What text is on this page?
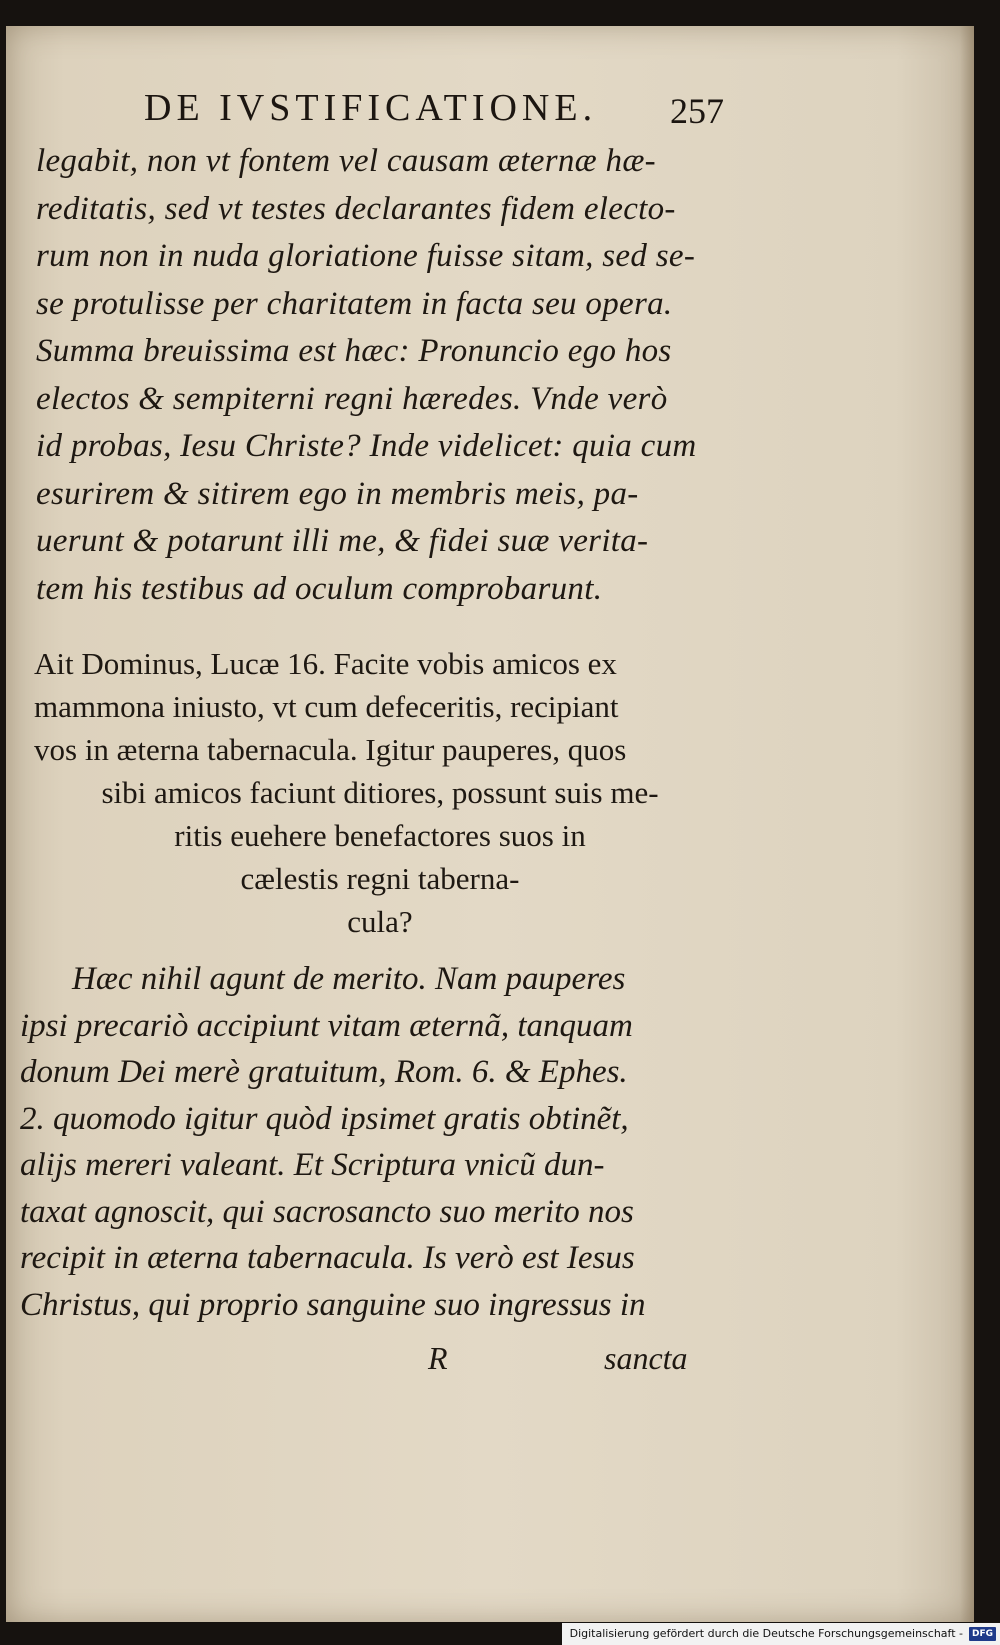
DE IVSTIFICATIONE. 257
legabit, non vt fontem vel causam æternæ hæ-
reditatis, sed vt testes declarantes fidem electo-
rum non in nuda gloriatione fuisse sitam, sed se-
se protulisse per charitatem in facta seu opera.
Summa breuissima est hæc: Pronuncio ego hos
electos & sempiterni regni hæredes. Vnde verò
id probas, Iesu Christe? Inde videlicet: quia cum
esurirem & sitirem ego in membris meis, pa-
uerunt & potarunt illi me, & fidei suæ verita-
tem his testibus ad oculum comprobarunt.
Ait Dominus, Lucæ 16. Facite vobis amicos ex
mammona iniusto, vt cum defeceritis, recipiant
vos in æterna tabernacula. Igitur pauperes, quos
sibi amicos faciunt ditiores, possunt suis me-
ritis euehere benefactores suos in
cælestis regni taberna-
cula?
Hæc nihil agunt de merito. Nam pauperes
ipsi precariò accipiunt vitam æternã, tanquam
donum Dei merè gratuitum, Rom. 6. & Ephes.
2. quomodo igitur quòd ipsimet gratis obtinẽt,
alijs mereri valeant. Et Scriptura vnicũ dun-
taxat agnoscit, qui sacrosancto suo merito nos
recipit in æterna tabernacula. Is verò est Iesus
Christus, qui proprio sanguine suo ingressus in
R	sancta
Digitalisierung gefördert durch die Deutsche Forschungsgemeinschaft -	DFG
